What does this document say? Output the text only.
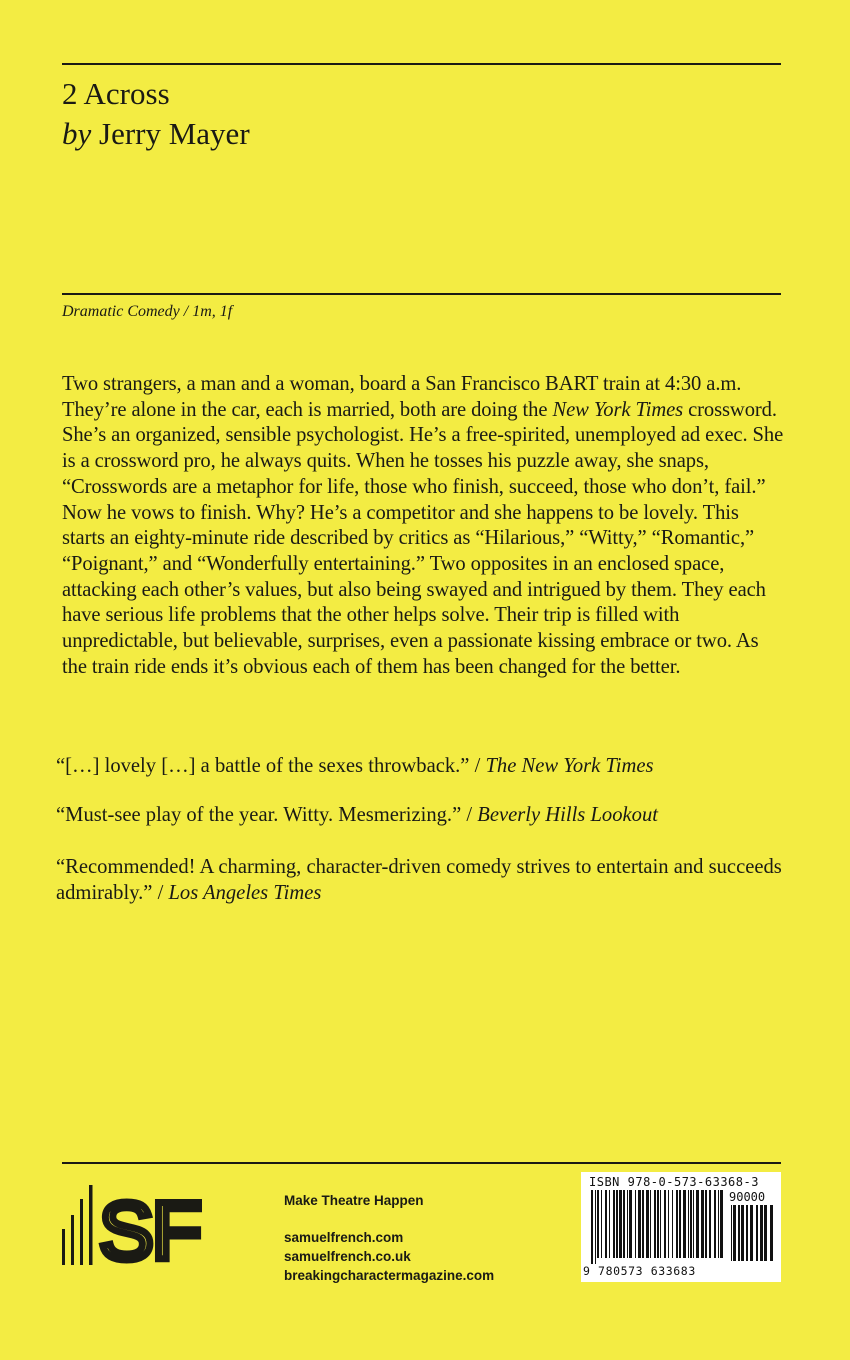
2 Across
by Jerry Mayer
Dramatic Comedy / 1m, 1f
Two strangers, a man and a woman, board a San Francisco BART train at 4:30 a.m. They’re alone in the car, each is married, both are doing the New York Times crossword. She’s an organized, sensible psychologist. He’s a free-spirited, unemployed ad exec. She is a crossword pro, he always quits. When he tosses his puzzle away, she snaps, “Crosswords are a metaphor for life, those who finish, succeed, those who don’t, fail.” Now he vows to finish. Why? He’s a competitor and she happens to be lovely. This starts an eighty-minute ride described by critics as “Hilarious,” “Witty,” “Romantic,” “Poignant,” and “Wonderfully entertaining.” Two opposites in an enclosed space, attacking each other’s values, but also being swayed and intrigued by them. They each have serious life problems that the other helps solve. Their trip is filled with unpredictable, but believable, surprises, even a passionate kissing embrace or two. As the train ride ends it’s obvious each of them has been changed for the better.
“[…] lovely […] a battle of the sexes throwback.” / The New York Times
“Must-see play of the year. Witty. Mesmerizing.” / Beverly Hills Lookout
“Recommended! A charming, character-driven comedy strives to entertain and succeeds admirably.” / Los Angeles Times
SF	Make Theatre Happen
samuelfrench.com
samuelfrench.co.uk
breakingcharactermagazine.com
ISBN 978-0-573-63368-3
90000
9 780573 633683
